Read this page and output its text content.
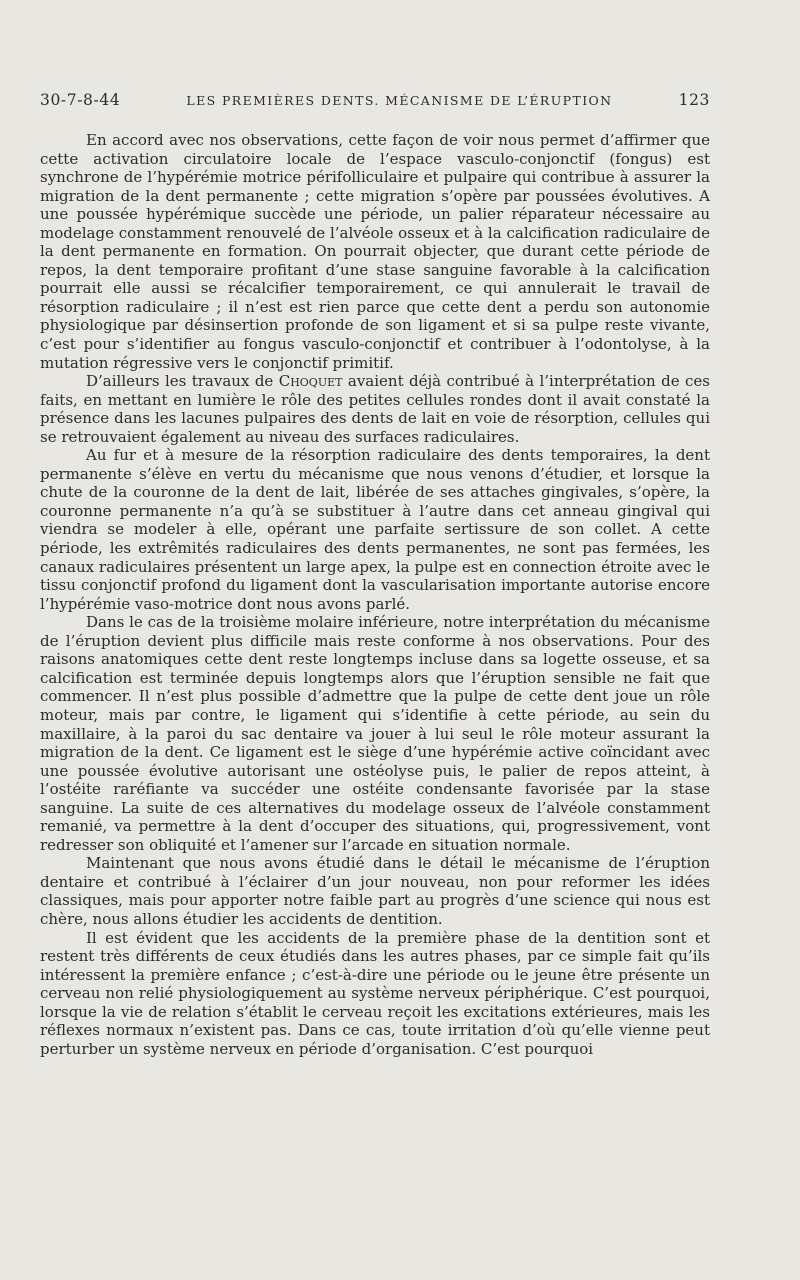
30-7-8-44	LES PREMIÈRES DENTS. MÉCANISME DE L’ÉRUPTION	123

En accord avec nos observations, cette façon de voir nous permet d’affirmer que cette activation circulatoire locale de l’espace vasculo-conjonctif (fongus) est synchrone de l’hypérémie motrice périfolliculaire et pulpaire qui contribue à assurer la migration de la dent permanente ; cette migration s’opère par poussées évolutives. A une poussée hypérémique succède une période, un palier réparateur nécessaire au modelage constamment renouvelé de l’alvéole osseux et à la calcification radiculaire de la dent permanente en formation. On pourrait objecter, que durant cette période de repos, la dent temporaire profitant d’une stase sanguine favorable à la calcification pourrait elle aussi se récalcifier temporairement, ce qui annulerait le travail de résorption radiculaire ; il n’est est rien parce que cette dent a perdu son autonomie physiologique par désinsertion profonde de son ligament et si sa pulpe reste vivante, c’est pour s’identifier au fongus vasculo-conjonctif et contribuer à l’odontolyse, à la mutation régressive vers le conjonctif primitif.

D’ailleurs les travaux de Choquet avaient déjà contribué à l’interprétation de ces faits, en mettant en lumière le rôle des petites cellules rondes dont il avait constaté la présence dans les lacunes pulpaires des dents de lait en voie de résorption, cellules qui se retrouvaient également au niveau des surfaces radiculaires.

Au fur et à mesure de la résorption radiculaire des dents temporaires, la dent permanente s’élève en vertu du mécanisme que nous venons d’étudier, et lorsque la chute de la couronne de la dent de lait, libérée de ses attaches gingivales, s’opère, la couronne permanente n’a qu’à se substituer à l’autre dans cet anneau gingival qui viendra se modeler à elle, opérant une parfaite sertissure de son collet. A cette période, les extrêmités radiculaires des dents permanentes, ne sont pas fermées, les canaux radiculaires présentent un large apex, la pulpe est en connection étroite avec le tissu conjonctif profond du ligament dont la vascularisation importante autorise encore l’hypérémie vaso-motrice dont nous avons parlé.

Dans le cas de la troisième molaire inférieure, notre interprétation du mécanisme de l’éruption devient plus difficile mais reste conforme à nos observations. Pour des raisons anatomiques cette dent reste longtemps incluse dans sa logette osseuse, et sa calcification est terminée depuis longtemps alors que l’éruption sensible ne fait que commencer. Il n’est plus possible d’admettre que la pulpe de cette dent joue un rôle moteur, mais par contre, le ligament qui s’identifie à cette période, au sein du maxillaire, à la paroi du sac dentaire va jouer à lui seul le rôle moteur assurant la migration de la dent. Ce ligament est le siège d’une hypérémie active coïncidant avec une poussée évolutive autorisant une ostéolyse puis, le palier de repos atteint, à l’ostéite raréfiante va succéder une ostéite condensante favorisée par la stase sanguine. La suite de ces alternatives du modelage osseux de l’alvéole constamment remanié, va permettre à la dent d’occuper des situations, qui, progressivement, vont redresser son obliquité et l’amener sur l’arcade en situation normale.

Maintenant que nous avons étudié dans le détail le mécanisme de l’éruption dentaire et contribué à l’éclairer d’un jour nouveau, non pour reformer les idées classiques, mais pour apporter notre faible part au progrès d’une science qui nous est chère, nous allons étudier les accidents de dentition.

Il est évident que les accidents de la première phase de la dentition sont et restent très différents de ceux étudiés dans les autres phases, par ce simple fait qu’ils intéressent la première enfance ; c’est-à-dire une période ou le jeune être présente un cerveau non relié physiologiquement au système nerveux périphérique. C’est pourquoi, lorsque la vie de relation s’établit le cerveau reçoit les excitations extérieures, mais les réflexes normaux n’existent pas. Dans ce cas, toute irritation d’où qu’elle vienne peut perturber un système nerveux en période d’organisation. C’est pourquoi
